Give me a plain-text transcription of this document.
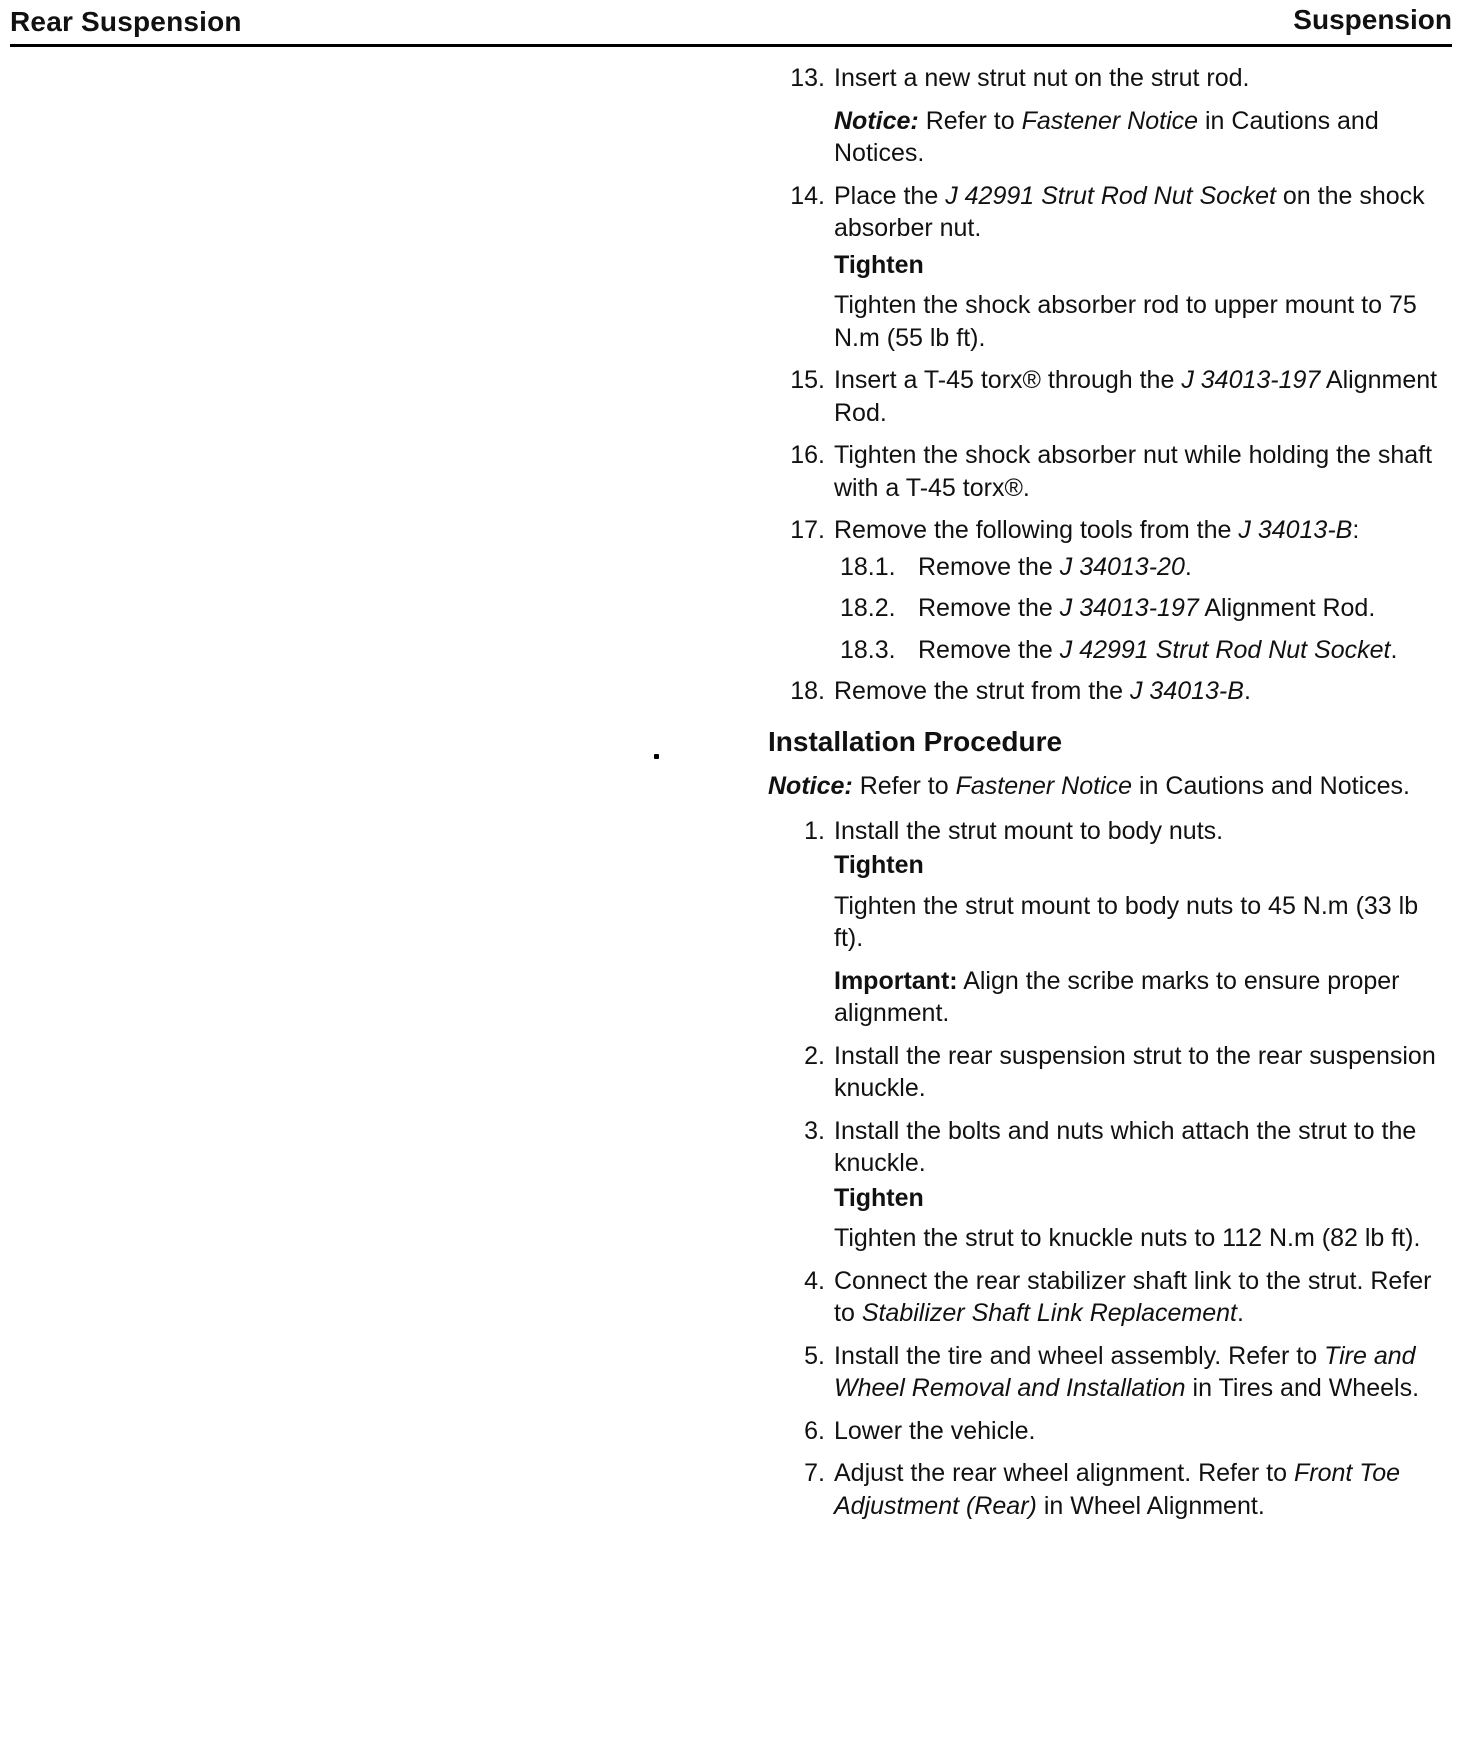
Rear Suspension	Suspension
13. Insert a new strut nut on the strut rod.
Notice: Refer to Fastener Notice in Cautions and Notices.
14. Place the J 42991 Strut Rod Nut Socket on the shock absorber nut.
Tighten
Tighten the shock absorber rod to upper mount to 75 N.m (55 lb ft).
15. Insert a T-45 torx® through the J 34013-197 Alignment Rod.
16. Tighten the shock absorber nut while holding the shaft with a T-45 torx®.
17. Remove the following tools from the J 34013-B:
18.1. Remove the J 34013-20.
18.2. Remove the J 34013-197 Alignment Rod.
18.3. Remove the J 42991 Strut Rod Nut Socket.
18. Remove the strut from the J 34013-B.
Installation Procedure
Notice: Refer to Fastener Notice in Cautions and Notices.
1. Install the strut mount to body nuts.
Tighten
Tighten the strut mount to body nuts to 45 N.m (33 lb ft).
Important: Align the scribe marks to ensure proper alignment.
2. Install the rear suspension strut to the rear suspension knuckle.
3. Install the bolts and nuts which attach the strut to the knuckle.
Tighten
Tighten the strut to knuckle nuts to 112 N.m (82 lb ft).
4. Connect the rear stabilizer shaft link to the strut. Refer to Stabilizer Shaft Link Replacement.
5. Install the tire and wheel assembly. Refer to Tire and Wheel Removal and Installation in Tires and Wheels.
6. Lower the vehicle.
7. Adjust the rear wheel alignment. Refer to Front Toe Adjustment (Rear) in Wheel Alignment.
